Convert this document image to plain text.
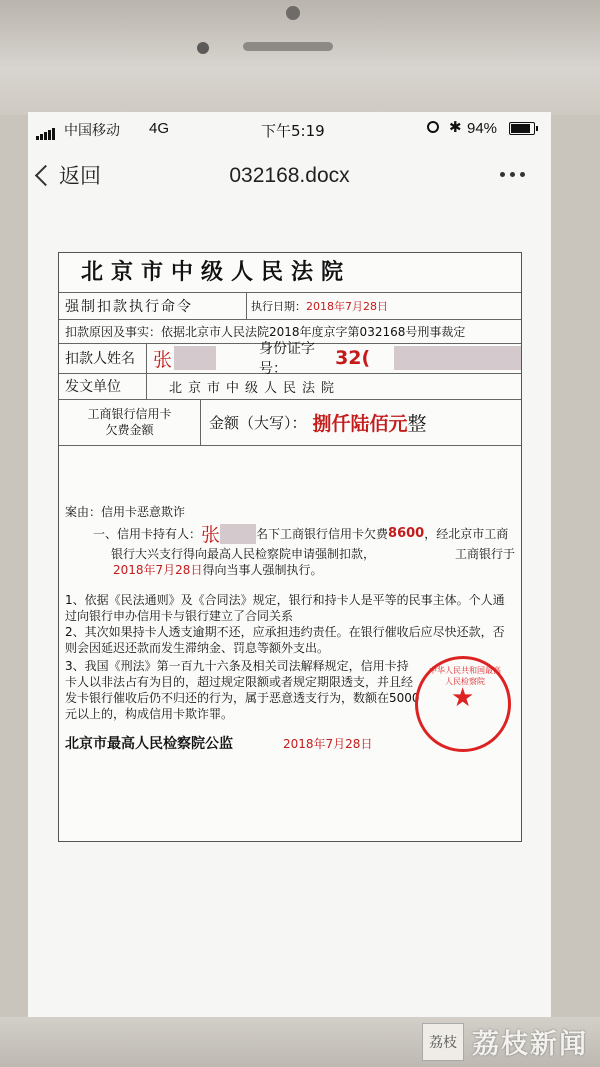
中国移动 4G	下午5:19	✱ 94%
返回	032168.docx
北京市中级人民法院
强制扣款执行命令	执行日期： 2018年7月28日
扣款原因及事实： 依据北京市人民法院2018年度京字第032168号刑事裁定
扣款人姓名 张	身份证字号：	32(
发文单位	北京市中级人民法院
工商银行信用卡
欠费金额	金额（大写）： 捌仟陆佰元 整
案由：信用卡恶意欺诈
一、信用卡持有人： 张	名下工商银行信用卡欠费 8600 ，经北京市工商
银行大兴支行得向最高人民检察院申请强制扣款，	工商银行于
2018年7月28日得向当事人强制执行。
1、依据《民法通则》及《合同法》规定，银行和持卡人是平等的民事主体。个人通
过向银行申办信用卡与银行建立了合同关系
2、其次如果持卡人透支逾期不还，应承担违约责任。在银行催收后应尽快还款，否
则会因延迟还款而发生滞纳金、罚息等额外支出。
3、我国《刑法》第一百九十六条及相关司法解释规定，信用卡持
卡人以非法占有为目的，超过规定限额或者规定期限透支，并且经
发卡银行催收后仍不归还的行为，属于恶意透支行为，数额在5000
元以上的，构成信用卡欺诈罪。
北京市最高人民检察院公监	2018年7月28日
中华人民共和国最高人民检察院
★
荔枝 荔枝新闻
